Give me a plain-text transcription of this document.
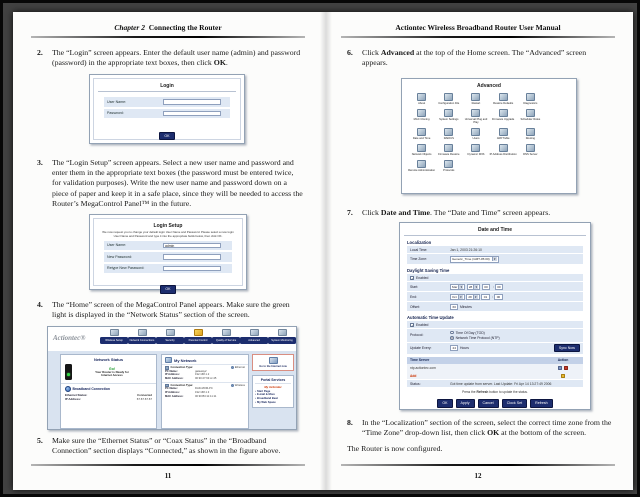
Chapter 2 Connecting the Router
2.	The “Login” screen appears. Enter the default user name (admin) and password (password) in the appropriate text boxes, then click OK.
Login
User Name:
Password:
OK
3.	The “Login Setup” screen appears. Select a new user name and password and enter them in the appropriate text boxes (the password must be entered twice, for validation purposes). Write the new user name and password down on a piece of paper and keep it in a safe place, since they will be needed to access the Router’s MegaControl Panel™ in the future.
Login Setup
We now request you to change your default login User Name and Password. Please select a new login User Name and Password and type it into the appropriate fields below, then click OK.
User Name:	admin
New Password:
Retype New Password:
OK
4.	The “Home” screen of the MegaControl Panel appears. Make sure the green light is displayed in the “Network Status” section of the screen.
Actiontec®	Wireless Setup	Network Connections	Security	Parental Control	Quality of Service	Advanced	System Monitoring
Network Status
Go!
Your Router is Ready for
Internet Access
Broadband Connection
Ethernet Status:	Connected
IP Address:	67.67.67.67
My Network
Connection Type:	Ethernet
PC Name:	gateway2
IP Address:	192.168.1.2
MAC Address:	00:90:27:63:cc:45
Connection Type:	Wireless
PC Name:	DAD-MOM-PC
IP Address:	192.168.1.3
MAC Address:	00:90:B3:11:11:11
Go to the Internet now
Portal Services
My Actiontec
▪ Start Page
▪ E-mail & More
▪ Broadband Beat
▪ My Web Space
5.	Make sure the “Ethernet Status” or “Coax Status” in the “Broadband Connection” section displays “Connected,” as shown in the figure above.
11
Actiontec Wireless Broadband Router User Manual
6.	Click Advanced at the top of the Home screen. The “Advanced” screen appears.
Advanced
About	Configuration File	Restart	Restore Defaults	Diagnostics
MAC Cloning	System Settings	Universal Plug and Play
Firmware Upgrade	Scheduler Rules
Date and Time	RADIUS	Users	ARP Table	Routing
Network Objects	Firmware Restore	Dynamic DNS	IP Address Distribution	DNS Server
Remote Administration	Protocols
7.	Click Date and Time. The “Date and Time” screen appears.
Date and Time
Localization
Local Time:	Jan 1, 2003 21:26:10
Time Zone:	Generic_Time (GMT-05:00)	▾
Daylight Saving Time
✓
Enabled
Start:	Mar	▾	28	▾	00	:	00
End:	Oct	▾	28	▾	01	:	00
Offset:	60	Minutes
Automatic Time Update
✓
Enabled
Protocol:
Time Of Day (TOD)
Network Time Protocol (NTP)
Update Every:	24	Hours	Sync Now
Time Server	Action
ntp.actiontec.com
Add
Status:	Got time update from server. Last Update: Fri Apr 14 13:27:49 2006
Press the Refresh button to update the status.
OK	Apply	Cancel	Clock Set	Refresh
8.	In the “Localization” section of the screen, select the correct time zone from the “Time Zone” drop-down list, then click OK at the bottom of the screen.
The Router is now configured.
12
